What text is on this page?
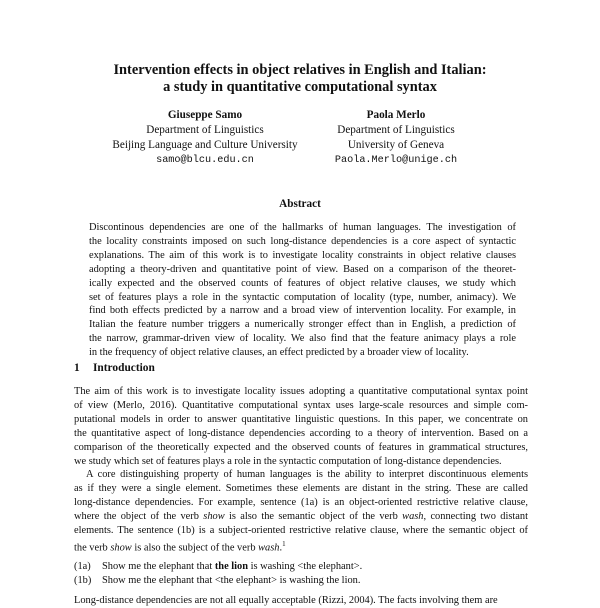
Intervention effects in object relatives in English and Italian:
a study in quantitative computational syntax
Giuseppe Samo
Department of Linguistics
Beijing Language and Culture University
samo@blcu.edu.cn
Paola Merlo
Department of Linguistics
University of Geneva
Paola.Merlo@unige.ch
Abstract
Discontinous dependencies are one of the hallmarks of human languages. The investigation of
the locality constraints imposed on such long-distance dependencies is a core aspect of syntactic
explanations. The aim of this work is to investigate locality constraints in object relative clauses
adopting a theory-driven and quantitative point of view. Based on a comparison of the theoret-
ically expected and the observed counts of features of object relative clauses, we study which
set of features plays a role in the syntactic computation of locality (type, number, animacy). We
find both effects predicted by a narrow and a broad view of intervention locality. For example, in
Italian the feature number triggers a numerically stronger effect than in English, a prediction of
the narrow, grammar-driven view of locality. We also find that the feature animacy plays a role
in the frequency of object relative clauses, an effect predicted by a broader view of locality.
1 Introduction
The aim of this work is to investigate locality issues adopting a quantitative computational syntax point
of view (Merlo, 2016). Quantitative computational syntax uses large-scale resources and simple com-
putational models in order to answer quantitative linguistic questions. In this paper, we concentrate on
the quantitative aspect of long-distance dependencies according to a theory of intervention. Based on a
comparison of the theoretically expected and the observed counts of features in grammatical structures,
we study which set of features plays a role in the syntactic computation of long-distance dependencies.
A core distinguishing property of human languages is the ability to interpret discontinuous elements
as if they were a single element. Sometimes these elements are distant in the string. These are called
long-distance dependencies. For example, sentence (1a) is an object-oriented restrictive relative clause,
where the object of the verb show is also the semantic object of the verb wash, connecting two distant
elements. The sentence (1b) is a subject-oriented restrictive relative clause, where the semantic object of
the verb show is also the subject of the verb wash.$^1$
(1a) Show me the elephant that the lion is washing <the elephant>.
(1b) Show me the elephant that <the elephant> is washing the lion.
Long-distance dependencies are not all equally acceptable (Rizzi, 2004). The facts involving them are
